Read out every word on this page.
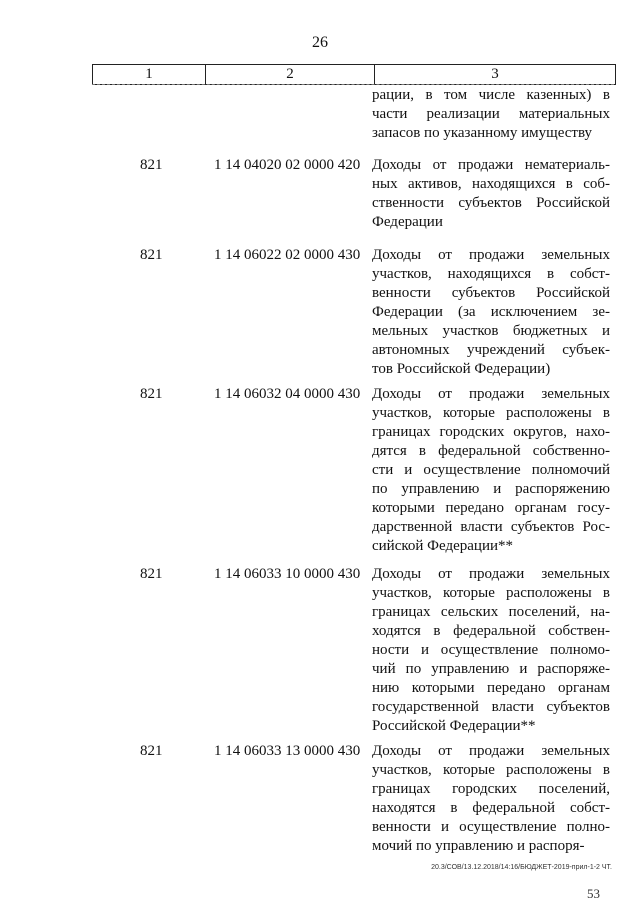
26
1	2	3
рации, в том числе казенных) в
части реализации материальных
запасов по указанному имуществу
821	1 14 04020 02 0000 420 Доходы от продажи нематериаль-
ных активов, находящихся в соб-
ственности субъектов Российской
Федерации
821	1 14 06022 02 0000 430 Доходы от продажи земельных
участков, находящихся в собст-
венности субъектов Российской
Федерации (за исключением зе-
мельных участков бюджетных и
автономных учреждений субъек-
тов Российской Федерации)
821	1 14 06032 04 0000 430 Доходы от продажи земельных
участков, которые расположены в
границах городских округов, нахо-
дятся в федеральной собственно-
сти и осуществление полномочий
по управлению и распоряжению
которыми передано органам госу-
дарственной власти субъектов Рос-
сийской Федерации**
821	1 14 06033 10 0000 430 Доходы от продажи земельных
участков, которые расположены в
границах сельских поселений, на-
ходятся в федеральной собствен-
ности и осуществление полномо-
чий по управлению и распоряже-
нию которыми передано органам
государственной власти субъектов
Российской Федерации**
821	1 14 06033 13 0000 430 Доходы от продажи земельных
участков, которые расположены в
границах городских поселений,
находятся в федеральной собст-
венности и осуществление полно-
мочий по управлению и распоря-
20.3/СОВ/13.12.2018/14:16/БЮДЖЕТ-2019-прил-1-2 ЧТ.
53
